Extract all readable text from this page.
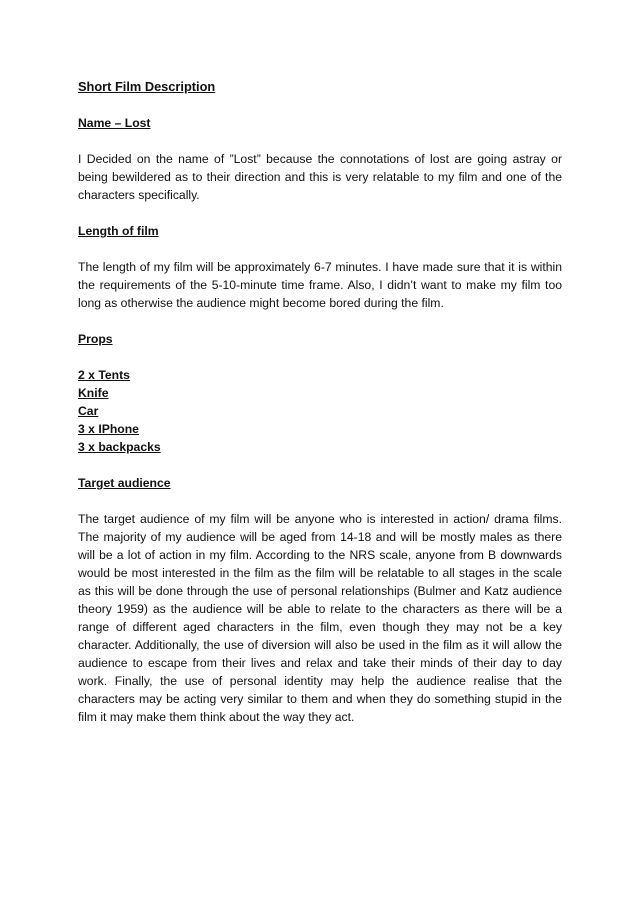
Short Film Description
Name – Lost
I Decided on the name of ”Lost” because the connotations of lost are going astray or being bewildered as to their direction and this is very relatable to my film and one of the characters specifically.
Length of film
The length of my film will be approximately 6-7 minutes. I have made sure that it is within the requirements of the 5-10-minute time frame. Also, I didn’t want to make my film too long as otherwise the audience might become bored during the film.
Props
2 x Tents
Knife
Car
3 x IPhone
3 x backpacks
Target audience
The target audience of my film will be anyone who is interested in action/ drama films. The majority of my audience will be aged from 14-18 and will be mostly males as there will be a lot of action in my film. According to the NRS scale, anyone from B downwards would be most interested in the film as the film will be relatable to all stages in the scale as this will be done through the use of personal relationships (Bulmer and Katz audience theory 1959) as the audience will be able to relate to the characters as there will be a range of different aged characters in the film, even though they may not be a key character. Additionally, the use of diversion will also be used in the film as it will allow the audience to escape from their lives and relax and take their minds of their day to day work. Finally, the use of personal identity may help the audience realise that the characters may be acting very similar to them and when they do something stupid in the film it may make them think about the way they act.
